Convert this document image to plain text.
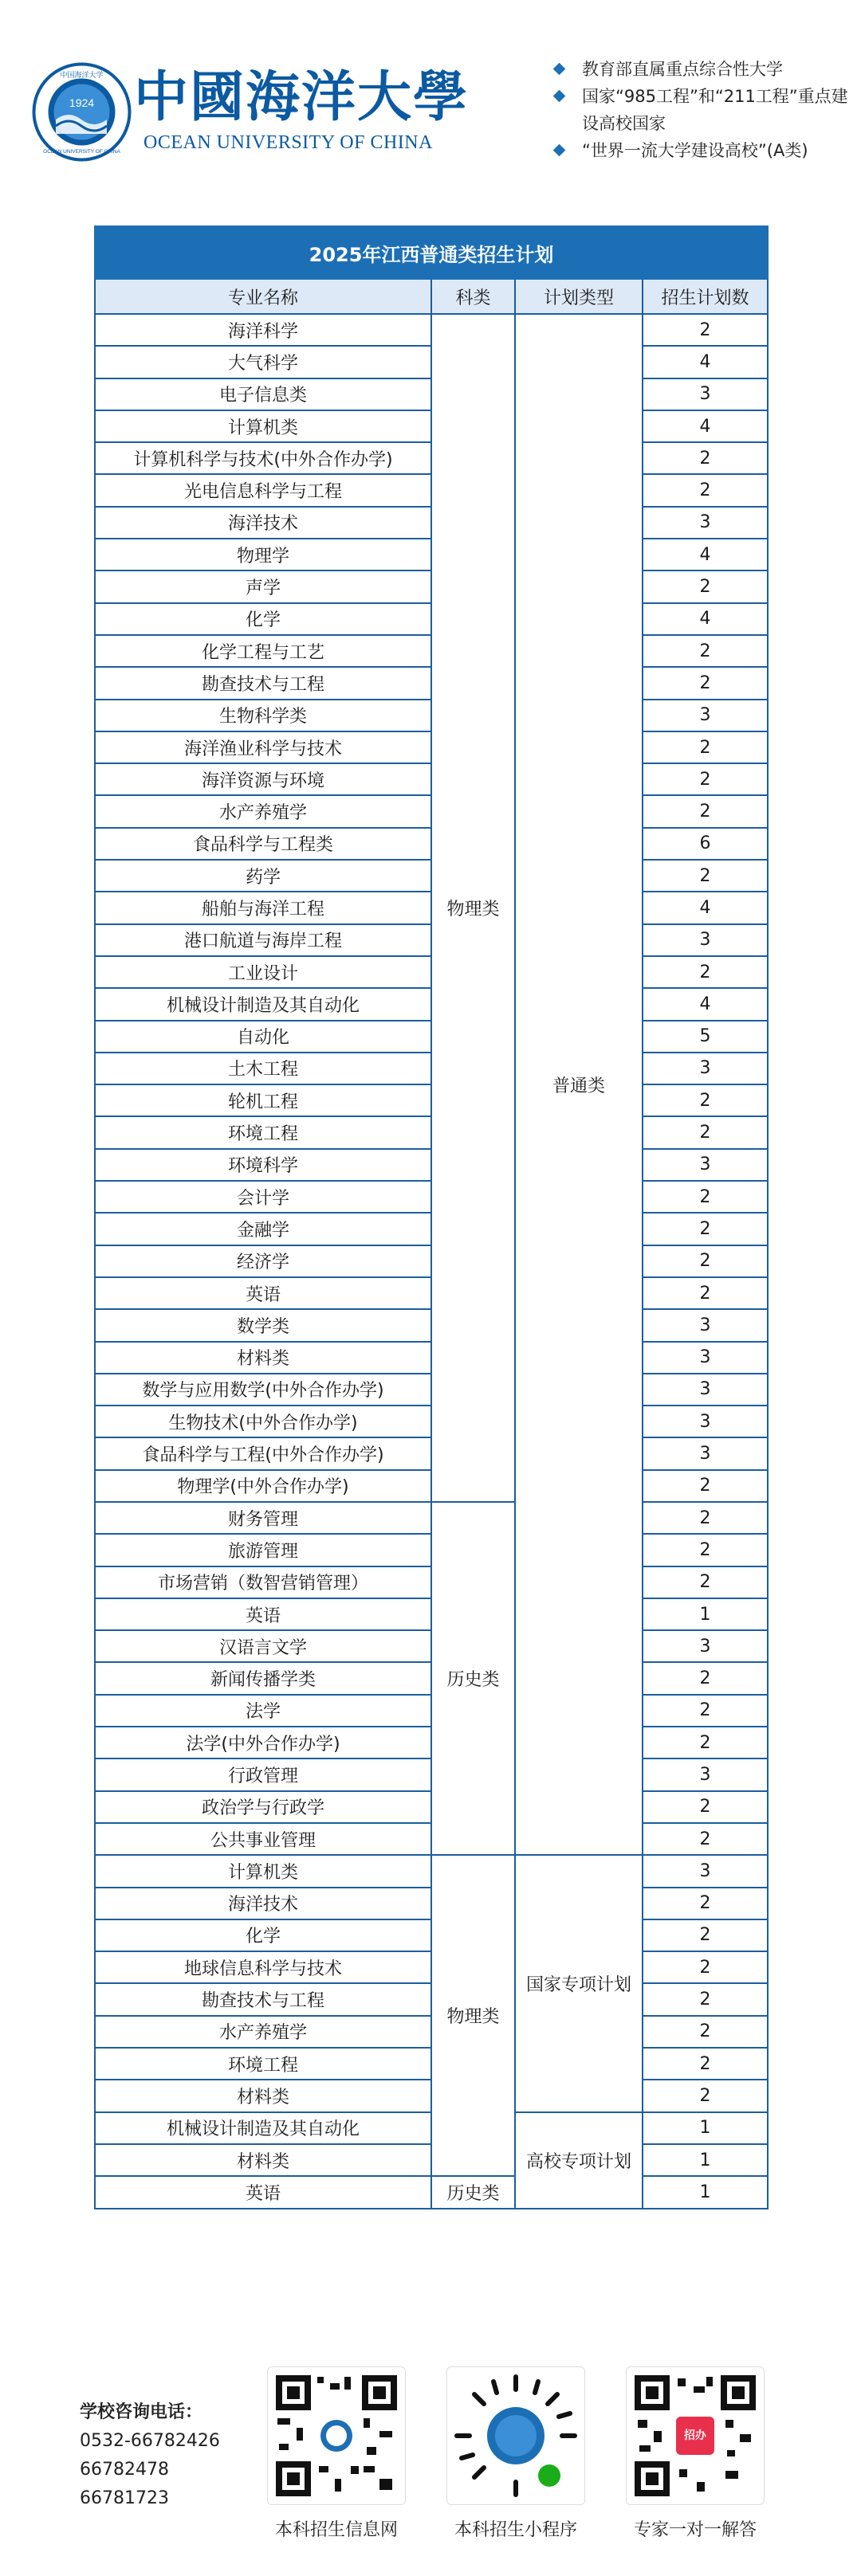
1924
中国海洋大学
OCEAN UNIVERSITY OF CHINA
中國海洋大學
OCEAN UNIVERSITY OF CHINA
教育部直属重点综合性大学
国家“985工程”和“211工程”重点建设高校国家
“世界一流大学建设高校”(A类)
2025年江西普通类招生计划			
专业名称	科类	计划类型	招生计划数
海洋科学	物理类	普通类	2
大气科学			4
电子信息类			3
计算机类			4
计算机科学与技术(中外合作办学)			2
光电信息科学与工程			2
海洋技术			3
物理学			4
声学			2
化学			4
化学工程与工艺			2
勘查技术与工程			2
生物科学类			3
海洋渔业科学与技术			2
海洋资源与环境			2
水产养殖学			2
食品科学与工程类			6
药学			2
船舶与海洋工程			4
港口航道与海岸工程			3
工业设计			2
机械设计制造及其自动化			4
自动化			5
土木工程			3
轮机工程			2
环境工程			2
环境科学			3
会计学			2
金融学			2
经济学			2
英语			2
数学类			3
材料类			3
数学与应用数学(中外合作办学)			3
生物技术(中外合作办学)			3
食品科学与工程(中外合作办学)			3
物理学(中外合作办学)			2
财务管理	历史类		2
旅游管理			2
市场营销（数智营销管理）			2
英语			1
汉语言文学			3
新闻传播学类			2
法学			2
法学(中外合作办学)			2
行政管理			3
政治学与行政学			2
公共事业管理			2
计算机类	物理类	国家专项计划	3
海洋技术			2
化学			2
地球信息科学与技术			2
勘查技术与工程			2
水产养殖学			2
环境工程			2
材料类			2
机械设计制造及其自动化		高校专项计划	1
材料类			1
英语	历史类		1
学校咨询电话：
0532-66782426
66782478
66781723
本科招生信息网	本科招生小程序
招办
专家一对一解答
